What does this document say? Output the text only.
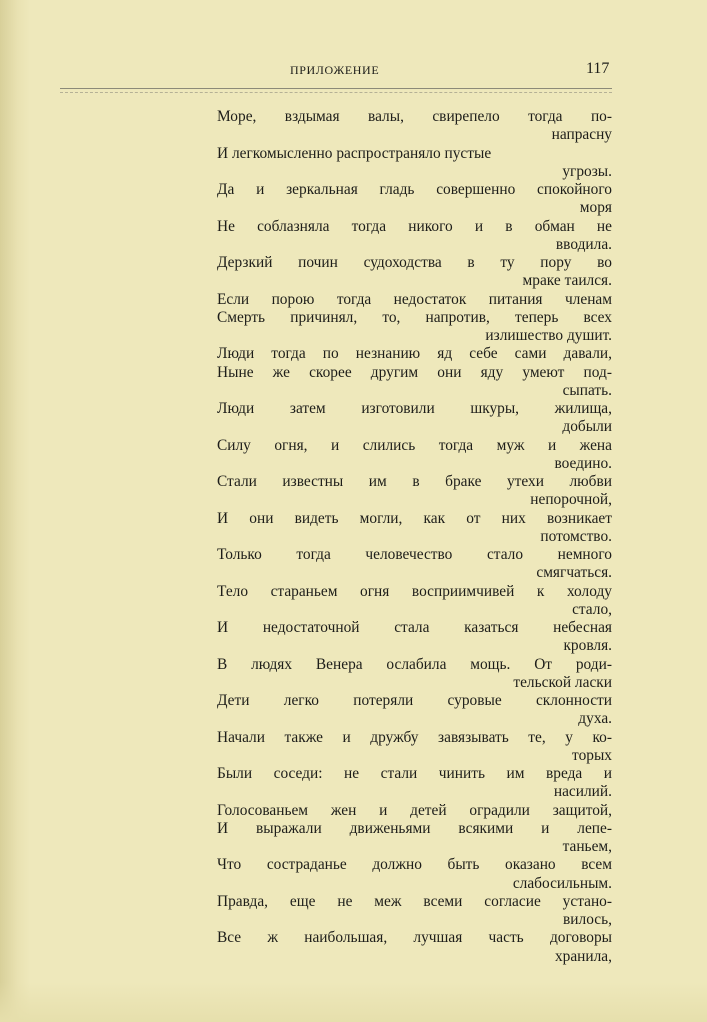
ПРИЛОЖЕНИЕ	117
Море, вздымая валы, свирепело тогда по-
напрасну
И легкомысленно распространяло пустые
угрозы.
Да и зеркальная гладь совершенно спокойного
моря
Не соблазняла тогда никого и в обман не
вводила.
Дерзкий почин судоходства в ту пору во
мраке таился.
Если порою тогда недостаток питания членам
Смерть причинял, то, напротив, теперь всех
излишество душит.
Люди тогда по незнанию яд себе сами давали,
Ныне же скорее другим они яду умеют под-
сыпать.
Люди затем изготовили шкуры, жилища,
добыли
Силу огня, и слились тогда муж и жена
воедино.
Стали известны им в браке утехи любви
непорочной,
И они видеть могли, как от них возникает
потомство.
Только тогда человечество стало немного
смягчаться.
Тело стараньем огня восприимчивей к холоду
стало,
И недостаточной стала казаться небесная
кровля.
В людях Венера ослабила мощь. От роди-
тельской ласки
Дети легко потеряли суровые склонности
духа.
Начали также и дружбу завязывать те, у ко-
торых
Были соседи: не стали чинить им вреда и
насилий.
Голосованьем жен и детей оградили защитой,
И выражали движеньями всякими и лепе-
таньем,
Что состраданье должно быть оказано всем
слабосильным.
Правда, еще не меж всеми согласие устано-
вилось,
Все ж наибольшая, лучшая часть договоры
хранила,
